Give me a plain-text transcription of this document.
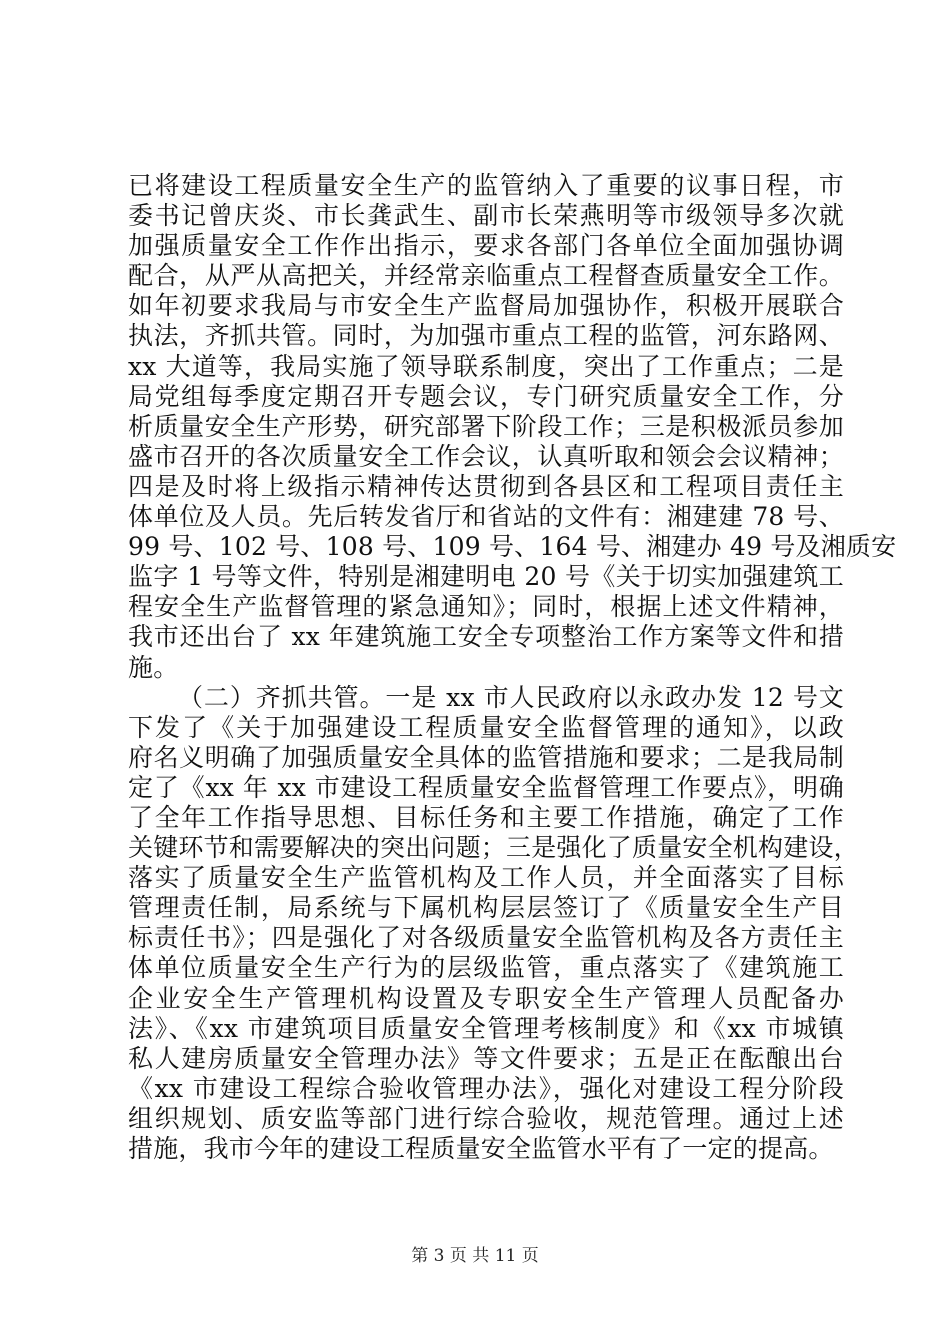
已将建设工程质量安全生产的监管纳入了重要的议事日程，市
委书记曾庆炎、市长龚武生、副市长荣燕明等市级领导多次就
加强质量安全工作作出指示，要求各部门各单位全面加强协调
配合，从严从高把关，并经常亲临重点工程督查质量安全工作。
如年初要求我局与市安全生产监督局加强协作，积极开展联合
执法，齐抓共管。同时，为加强市重点工程的监管，河东路网、
xx 大道等，我局实施了领导联系制度，突出了工作重点；二是
局党组每季度定期召开专题会议，专门研究质量安全工作，分
析质量安全生产形势，研究部署下阶段工作；三是积极派员参加
盛市召开的各次质量安全工作会议，认真听取和领会会议精神；
四是及时将上级指示精神传达贯彻到各县区和工程项目责任主
体单位及人员。先后转发省厅和省站的文件有：湘建建 78 号、
99 号、102 号、108 号、109 号、164 号、湘建办 49 号及湘质安
监字 1 号等文件，特别是湘建明电 20 号《关于切实加强建筑工
程安全生产监督管理的紧急通知》；同时，根据上述文件精神，
我市还出台了 xx 年建筑施工安全专项整治工作方案等文件和措
施。
（二）齐抓共管。一是 xx 市人民政府以永政办发 12 号文
下发了《关于加强建设工程质量安全监督管理的通知》，以政
府名义明确了加强质量安全具体的监管措施和要求；二是我局制
定了《xx 年 xx 市建设工程质量安全监督管理工作要点》，明确
了全年工作指导思想、目标任务和主要工作措施，确定了工作
关键环节和需要解决的突出问题；三是强化了质量安全机构建设，
落实了质量安全生产监管机构及工作人员，并全面落实了目标
管理责任制，局系统与下属机构层层签订了《质量安全生产目
标责任书》；四是强化了对各级质量安全监管机构及各方责任主
体单位质量安全生产行为的层级监管，重点落实了《建筑施工
企业安全生产管理机构设置及专职安全生产管理人员配备办
法》、《xx 市建筑项目质量安全管理考核制度》和《xx 市城镇
私人建房质量安全管理办法》等文件要求；五是正在酝酿出台
《xx 市建设工程综合验收管理办法》，强化对建设工程分阶段
组织规划、质安监等部门进行综合验收，规范管理。通过上述
措施，我市今年的建设工程质量安全监管水平有了一定的提高。
第 3 页 共 11 页
